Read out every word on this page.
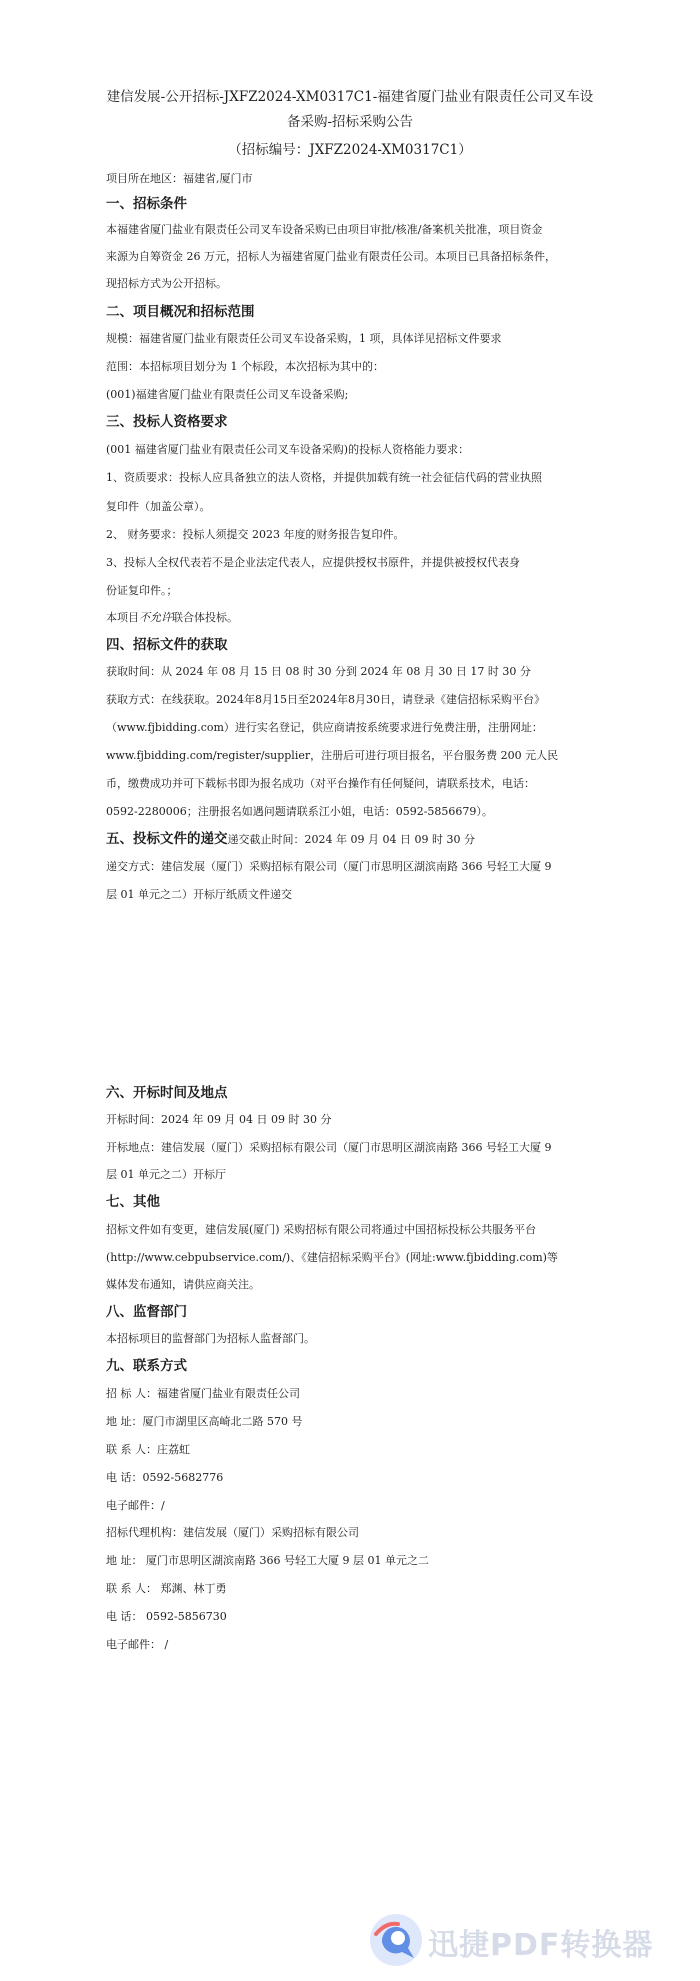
建信发展-公开招标-JXFZ2024-XM0317C1-福建省厦门盐业有限责任公司叉车设
备采购-招标采购公告
（招标编号：JXFZ2024-XM0317C1）
项目所在地区：福建省,厦门市
一、招标条件
本福建省厦门盐业有限责任公司叉车设备采购已由项目审批/核准/备案机关批准，项目资金
来源为自筹资金 26 万元，招标人为福建省厦门盐业有限责任公司。本项目已具备招标条件，
现招标方式为公开招标。
二、项目概况和招标范围
规模：福建省厦门盐业有限责任公司叉车设备采购，1 项，具体详见招标文件要求
范围：本招标项目划分为 1 个标段，本次招标为其中的：
(001)福建省厦门盐业有限责任公司叉车设备采购;
三、投标人资格要求
(001 福建省厦门盐业有限责任公司叉车设备采购)的投标人资格能力要求：
1、资质要求：投标人应具备独立的法人资格，并提供加载有统一社会征信代码的营业执照
复印件（加盖公章）。
2、 财务要求：投标人须提交 2023 年度的财务报告复印件。
3、投标人全权代表若不是企业法定代表人，应提供授权书原件，并提供被授权代表身
份证复印件。；
本项目不允许联合体投标。
四、招标文件的获取
获取时间：从 2024 年 08 月 15 日 08 时 30 分到 2024 年 08 月 30 日 17 时 30 分
获取方式：在线获取。2024年8月15日至2024年8月30日，请登录《建信招标采购平台》
（www.fjbidding.com）进行实名登记，供应商请按系统要求进行免费注册，注册网址：
www.fjbidding.com/register/supplier，注册后可进行项目报名，平台服务费 200 元人民
币，缴费成功并可下载标书即为报名成功（对平台操作有任何疑问，请联系技术，电话：
0592-2280006；注册报名如遇问题请联系江小姐，电话：0592-5856679）。
五、投标文件的递交递交截止时间：2024 年 09 月 04 日 09 时 30 分
递交方式：建信发展（厦门）采购招标有限公司（厦门市思明区湖滨南路 366 号轻工大厦 9
层 01 单元之二）开标厅纸质文件递交
六、开标时间及地点
开标时间：2024 年 09 月 04 日 09 时 30 分
开标地点：建信发展（厦门）采购招标有限公司（厦门市思明区湖滨南路 366 号轻工大厦 9
层 01 单元之二）开标厅
七、其他
招标文件如有变更，建信发展(厦门) 采购招标有限公司将通过中国招标投标公共服务平台
(http://www.cebpubservice.com/)、《建信招标采购平台》(网址:www.fjbidding.com)等
媒体发布通知，请供应商关注。
八、监督部门
本招标项目的监督部门为招标人监督部门。
九、联系方式
招 标 人：福建省厦门盐业有限责任公司
地 址：厦门市湖里区高崎北二路 570 号
联 系 人：庄荔虹
电 话：0592-5682776
电子邮件：/
招标代理机构：建信发展（厦门）采购招标有限公司
地 址： 厦门市思明区湖滨南路 366 号轻工大厦 9 层 01 单元之二
联 系 人： 郑渊、林丁勇
电 话： 0592-5856730
电子邮件： /
迅捷PDF转换器
